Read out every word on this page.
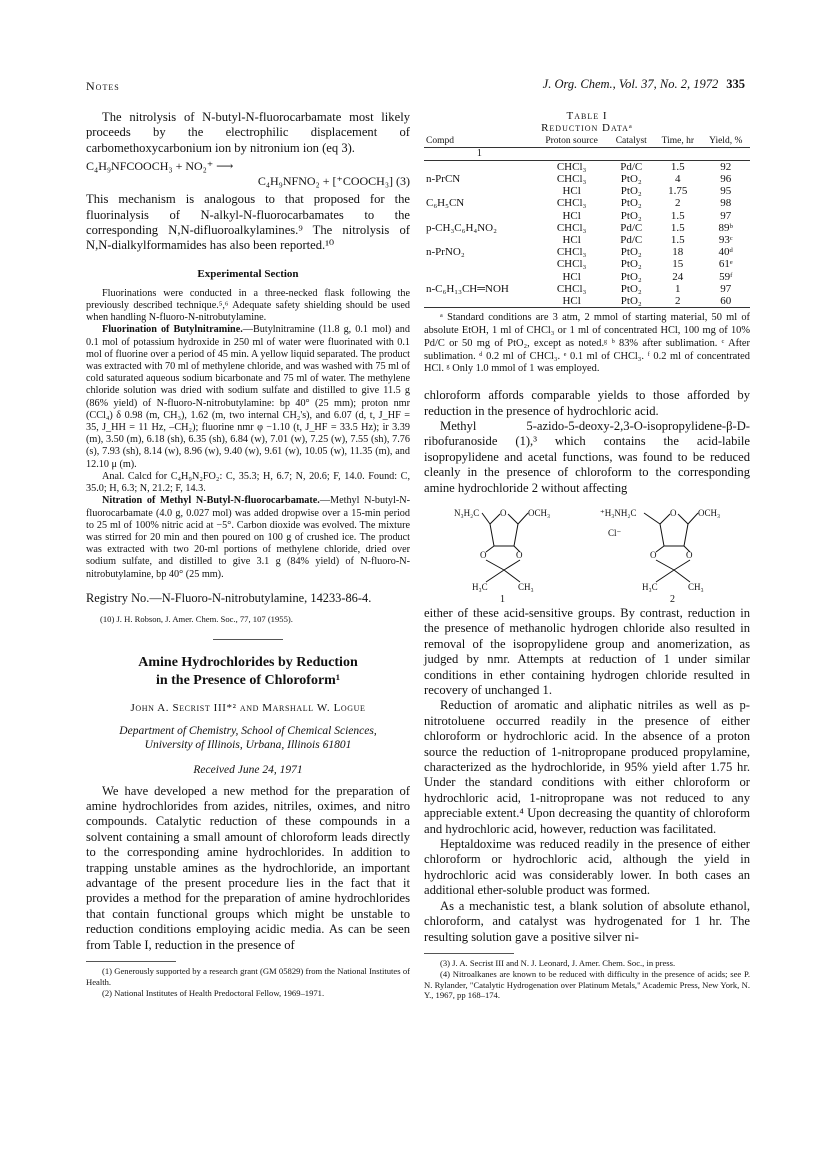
Notes	J. Org. Chem., Vol. 37, No. 2, 1972 335

The nitrolysis of N-butyl-N-fluorocarbamate most likely proceeds by the electrophilic displacement of carbomethoxycarbonium ion by nitronium ion (eq 3).

C₄H₉NFCOOCH₃ + NO₂⁺ ⟶

C₄H₉NFNO₂ + [⁺COOCH₃] (3)

This mechanism is analogous to that proposed for the fluorinalysis of N-alkyl-N-fluorocarbamates to the corresponding N,N-difluoroalkylamines.⁹ The nitrolysis of N,N-dialkylformamides has also been reported.¹⁰

Experimental Section

Fluorinations were conducted in a three-necked flask following the previously described technique.⁵,⁶ Adequate safety shielding should be used when handling N-fluoro-N-nitrobutylamine.

Fluorination of Butylnitramine.—Butylnitramine (11.8 g, 0.1 mol) and 0.1 mol of potassium hydroxide in 250 ml of water were fluorinated with 0.1 mol of fluorine over a period of 45 min. A yellow liquid separated. The product was extracted with 70 ml of methylene chloride, and was washed with 75 ml of cold saturated aqueous sodium bicarbonate and 75 ml of water. The methylene chloride solution was dried with sodium sulfate and distilled to give 11.5 g (86% yield) of N-fluoro-N-nitrobutylamine: bp 40° (25 mm); proton nmr (CCl₄) δ 0.98 (m, CH₃), 1.62 (m, two internal CH₂'s), and 6.07 (d, t, J_HF = 35, J_HH = 11 Hz, –CH₂); fluorine nmr φ −1.10 (t, J_HF = 33.5 Hz); ir 3.39 (m), 3.50 (m), 6.18 (sh), 6.35 (sh), 6.84 (w), 7.01 (w), 7.25 (w), 7.55 (sh), 7.76 (s), 7.93 (sh), 8.14 (w), 8.96 (w), 9.40 (w), 9.61 (w), 10.05 (w), 11.35 (m), and 12.10 μ (m).

Anal. Calcd for C₄H₉N₂FO₂: C, 35.3; H, 6.7; N, 20.6; F, 14.0. Found: C, 35.0; H, 6.3; N, 21.2; F, 14.3.

Nitration of Methyl N-Butyl-N-fluorocarbamate.—Methyl N-butyl-N-fluorocarbamate (4.0 g, 0.027 mol) was added dropwise over a 15-min period to 25 ml of 100% nitric acid at −5°. Carbon dioxide was evolved. The mixture was stirred for 20 min and then poured on 100 g of crushed ice. The product was extracted with two 20-ml portions of methylene chloride, dried over sodium sulfate, and distilled to give 3.1 g (84% yield) of N-fluoro-N-nitrobutylamine, bp 40° (25 mm).

Registry No.—N-Fluoro-N-nitrobutylamine, 14233-86-4.

(10) J. H. Robson, J. Amer. Chem. Soc., 77, 107 (1955).

Amine Hydrochlorides by Reduction
in the Presence of Chloroform¹
John A. Secrist III*² and Marshall W. Logue
Department of Chemistry, School of Chemical Sciences,
University of Illinois, Urbana, Illinois 61801
Received June 24, 1971

We have developed a new method for the preparation of amine hydrochlorides from azides, nitriles, oximes, and nitro compounds. Catalytic reduction of these compounds in a solvent containing a small amount of chloroform leads directly to the corresponding amine hydrochlorides. In addition to trapping unstable amines as the hydrochloride, an important advantage of the present procedure lies in the fact that it provides a method for the preparation of amine hydrochlorides that contain functional groups which might be unstable to reduction conditions employing acidic media. As can be seen from Table I, reduction in the presence of

(1) Generously supported by a research grant (GM 05829) from the National Institutes of Health.

(2) National Institutes of Health Predoctoral Fellow, 1969–1971.

Table I
Reduction Dataᵃ
Compd	Proton source	Catalyst	Time, hr	Yield, %
1				
	CHCl₃	Pd/C	1.5	92
n-PrCN	CHCl₃	PtO₂	4	96
	HCl	PtO₂	1.75	95
C₆H₅CN	CHCl₃	PtO₂	2	98
	HCl	PtO₂	1.5	97
p-CH₃C₆H₄NO₂	CHCl₃	Pd/C	1.5	89ᵇ
	HCl	Pd/C	1.5	93ᶜ
n-PrNO₂	CHCl₃	PtO₂	18	40ᵈ
	CHCl₃	PtO₂	15	61ᵉ
	HCl	PtO₂	24	59ᶠ
n-C₆H₁₃CH═NOH	CHCl₃	PtO₂	1	97
	HCl	PtO₂	2	60

ᵃ Standard conditions are 3 atm, 2 mmol of starting material, 50 ml of absolute EtOH, 1 ml of CHCl₃ or 1 ml of concentrated HCl, 100 mg of 10% Pd/C or 50 mg of PtO₂, except as noted.ᵍ ᵇ 83% after sublimation. ᶜ After sublimation. ᵈ 0.2 ml of CHCl₃. ᵉ 0.1 ml of CHCl₃. ᶠ 0.2 ml of concentrated HCl. ᵍ Only 1.0 mmol of 1 was employed.

chloroform affords comparable yields to those afforded by reduction in the presence of hydrochloric acid.

Methyl 5-azido-5-deoxy-2,3-O-isopropylidene-β-D-ribofuranoside (1),³ which contains the acid-labile isopropylidene and acetal functions, was found to be reduced cleanly in the presence of chloroform to the corresponding amine hydrochloride 2 without affecting

N₃H₂C O OCH₃
O	O
H₃C	CH₃
1
⁺H₃NH₂C
Cl⁻
O OCH₃
O	O
H₃C	CH₃
2

either of these acid-sensitive groups. By contrast, reduction in the presence of methanolic hydrogen chloride also resulted in removal of the isopropylidene group and anomerization, as judged by nmr. Attempts at reduction of 1 under similar conditions in ether containing hydrogen chloride resulted in recovery of unchanged 1.

Reduction of aromatic and aliphatic nitriles as well as p-nitrotoluene occurred readily in the presence of either chloroform or hydrochloric acid. In the absence of a proton source the reduction of 1-nitropropane produced propylamine, characterized as the hydrochloride, in 95% yield after 1.75 hr. Under the standard conditions with either chloroform or hydrochloric acid, 1-nitropropane was not reduced to any appreciable extent.⁴ Upon decreasing the quantity of chloroform and hydrochloric acid, however, reduction was facilitated.

Heptaldoxime was reduced readily in the presence of either chloroform or hydrochloric acid, although the yield in hydrochloric acid was considerably lower. In both cases an additional ether-soluble product was formed.

As a mechanistic test, a blank solution of absolute ethanol, chloroform, and catalyst was hydrogenated for 1 hr. The resulting solution gave a positive silver ni-

(3) J. A. Secrist III and N. J. Leonard, J. Amer. Chem. Soc., in press.

(4) Nitroalkanes are known to be reduced with difficulty in the presence of acids; see P. N. Rylander, "Catalytic Hydrogenation over Platinum Metals," Academic Press, New York, N. Y., 1967, pp 168–174.
